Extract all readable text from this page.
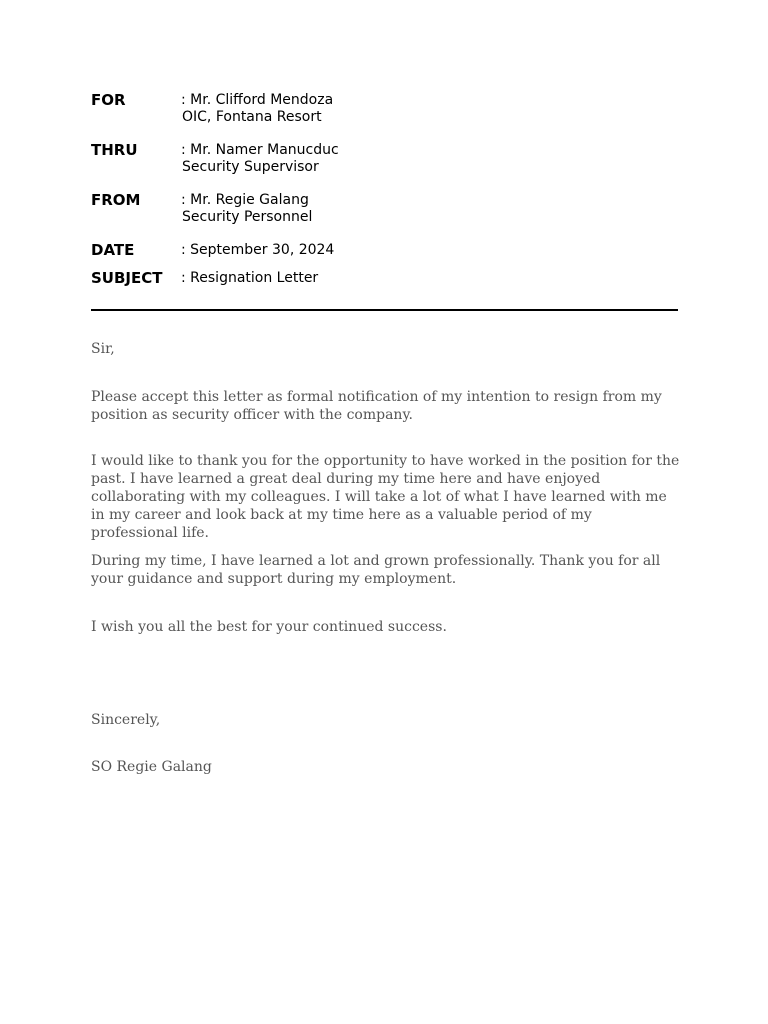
FOR	: Mr. Clifford Mendoza
OIC, Fontana Resort
THRU	: Mr. Namer Manucduc
Security Supervisor
FROM	: Mr. Regie Galang
Security Personnel
DATE	: September 30, 2024
SUBJECT	: Resignation Letter

Sir,

Please accept this letter as formal notification of my intention to resign from my position as security officer with the company.

I would like to thank you for the opportunity to have worked in the position for the past. I have learned a great deal during my time here and have enjoyed collaborating with my colleagues. I will take a lot of what I have learned with me in my career and look back at my time here as a valuable period of my professional life.

During my time, I have learned a lot and grown professionally. Thank you for all your guidance and support during my employment.

I wish you all the best for your continued success.

Sincerely,

SO Regie Galang
